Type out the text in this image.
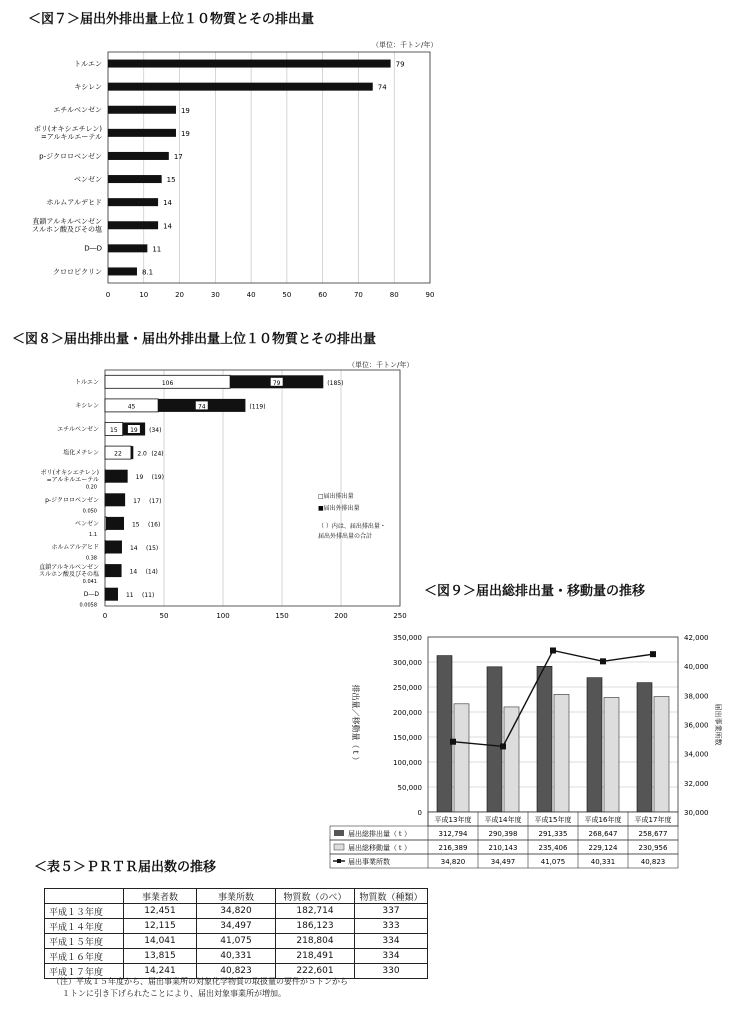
＜図７＞届出外排出量上位１０物質とその排出量
（単位：千トン/年）
0	10	20	30	40	50	60	70	80	90
トルエン	79
キシレン	74
エチルベンゼン	19
ポリ(オキシエチレン)
=アルキルエーテル	19
p-ジクロロベンゼン	17
ベンゼン	15
ホルムアルデヒド	14
直鎖アルキルベンゼン
スルホン酸及びその塩	14
D―D	11
クロロピクリン	8.1
＜図８＞届出排出量・届出外排出量上位１０物質とその排出量
（単位：千トン/年）
0	50	100	150	200	250
トルエン	106	79	(185)
キシレン	45	74	(119)
エチルベンゼン 15 19 (34)
塩化メチレン	22	2.0 (24)
ポリ(オキシエチレン)
=アルキルエーテル
0.20
19 (19)
p-ジクロロベンゼン
0.050
17 (17)
ベンゼン
1.1
15 (16)
ホルムアルデヒド
0.38
14 (15)
直鎖アルキルベンゼン
スルホン酸及びその塩
0.041
14 (14)
D―D
0.0058
11 (11)
□届出排出量
■届出外排出量
（ ）内は、届出排出量・
届出外排出量の合計
＜図９＞届出総排出量・移動量の推移
0
50,000
100,000
150,000
200,000
250,000
300,000
350,000
30,000
32,000
34,000
36,000
38,000
40,000
42,000
排出量／移動量（ｔ）	届出事業所数
平成13年度 平成14年度 平成15年度 平成16年度 平成17年度
届出総排出量（ｔ）	312,794	290,398	291,335	268,647	258,677
届出総移動量（ｔ）	216,389	210,143	235,406	229,124	230,956
届出事業所数	34,820	34,497	41,075	40,331	40,823
＜表５＞ＰＲＴＲ届出数の推移
	事業者数	事業所数	物質数（のべ）	物質数（種類）
平成１３年度	12,451	34,820	182,714	337
平成１４年度	12,115	34,497	186,123	333
平成１５年度	14,041	41,075	218,804	334
平成１６年度	13,815	40,331	218,491	334
平成１７年度	14,241	40,823	222,601	330
（注）平成１５年度から、届出事業所の対象化学物質の取扱量の要件が５トンから
１トンに引き下げられたことにより、届出対象事業所が増加。
